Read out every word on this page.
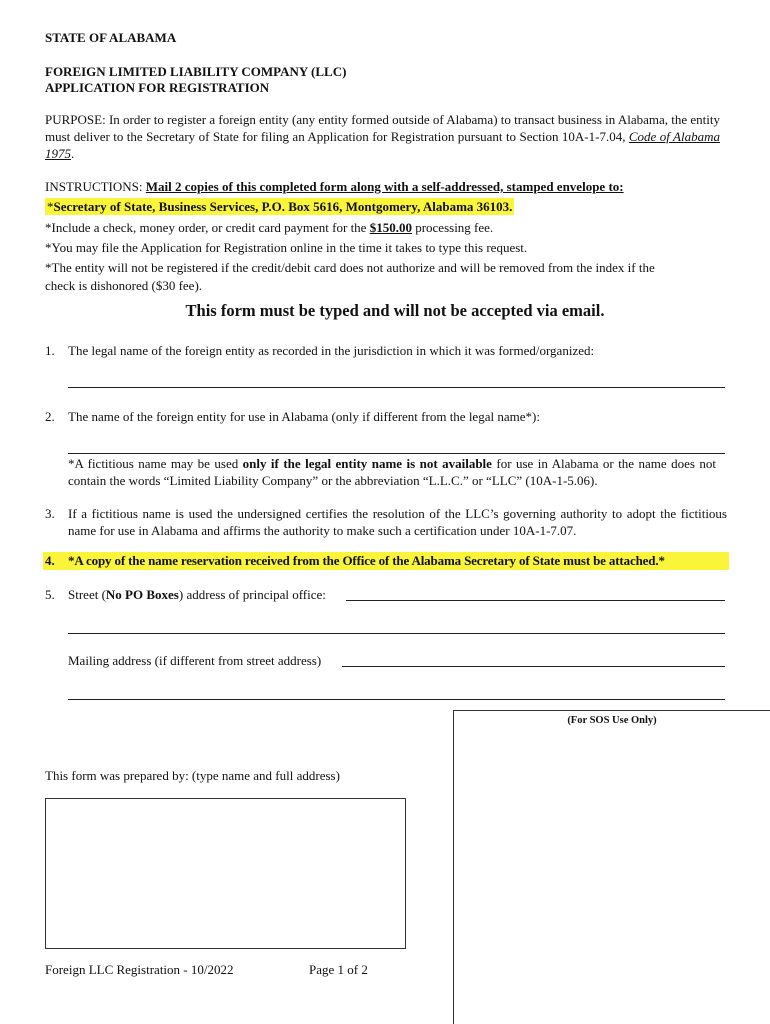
STATE OF ALABAMA
FOREIGN LIMITED LIABILITY COMPANY (LLC)
APPLICATION FOR REGISTRATION
PURPOSE: In order to register a foreign entity (any entity formed outside of Alabama) to transact business in Alabama, the entity must deliver to the Secretary of State for filing an Application for Registration pursuant to Section 10A-1-7.04, Code of Alabama 1975.
INSTRUCTIONS: Mail 2 copies of this completed form along with a self-addressed, stamped envelope to:
*Secretary of State, Business Services, P.O. Box 5616, Montgomery, Alabama 36103.
*Include a check, money order, or credit card payment for the $150.00 processing fee.
*You may file the Application for Registration online in the time it takes to type this request.
*The entity will not be registered if the credit/debit card does not authorize and will be removed from the index if the
check is dishonored ($30 fee).
This form must be typed and will not be accepted via email.
1. The legal name of the foreign entity as recorded in the jurisdiction in which it was formed/organized:
2. The name of the foreign entity for use in Alabama (only if different from the legal name*):
*A fictitious name may be used only if the legal entity name is not available for use in Alabama or the name does not contain the words “Limited Liability Company” or the abbreviation “L.L.C.” or “LLC” (10A-1-5.06).
3. If a fictitious name is used the undersigned certifies the resolution of the LLC’s governing authority to adopt the fictitious name for use in Alabama and affirms the authority to make such a certification under 10A-1-7.07.
4. *A copy of the name reservation received from the Office of the Alabama Secretary of State must be attached.*
5. Street (No PO Boxes) address of principal office:
Mailing address (if different from street address)
(For SOS Use Only)
This form was prepared by: (type name and full address)
Foreign LLC Registration - 10/2022	Page 1 of 2
